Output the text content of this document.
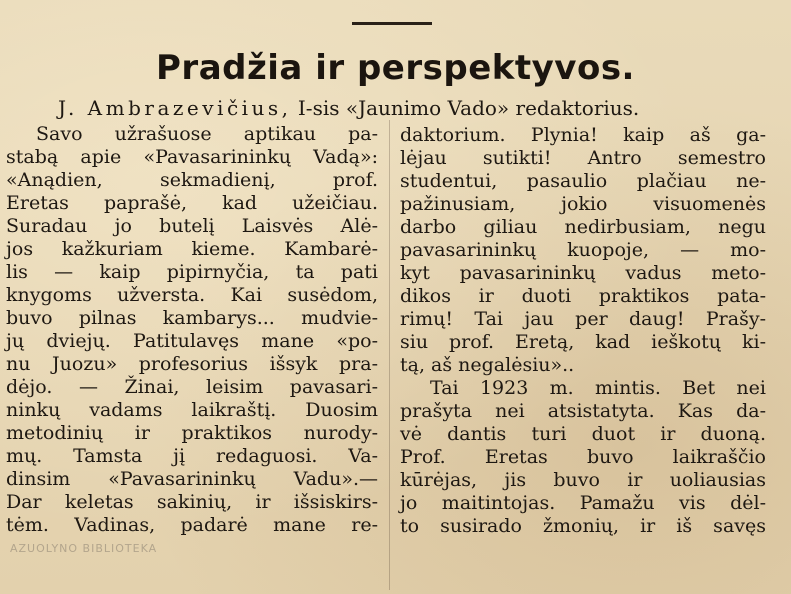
Pradžia ir perspektyvos.
J. Ambrazevičius, I-sis «Jaunimo Vado» redaktorius.
Savo užrašuose aptikau pa-
stabą apie «Pavasarininkų Vadą»:
«Anądien, sekmadienį, prof.
Eretas paprašė, kad užeičiau.
Suradau jo butelį Laisvės Alė-
jos kažkuriam kieme. Kambarė-
lis — kaip pipirnyčia, ta pati
knygoms užversta. Kai susėdom,
buvo pilnas kambarys... mudvie-
jų dviejų. Patitulavęs mane «po-
nu Juozu» profesorius išsyk pra-
dėjo. — Žinai, leisim pavasari-
ninkų vadams laikraštį. Duosim
metodinių ir praktikos nurody-
mų. Tamsta jį redaguosi. Va-
dinsim «Pavasarininkų Vadu».—
Dar keletas sakinių, ir išsiskirs-
tėm. Vadinas, padarė mane re-
daktorium. Plynia! kaip aš ga-
lėjau sutikti! Antro semestro
studentui, pasaulio plačiau ne-
pažinusiam, jokio visuomenės
darbo giliau nedirbusiam, negu
pavasarininkų kuopoje, — mo-
kyt pavasarininkų vadus meto-
dikos ir duoti praktikos pata-
rimų! Tai jau per daug! Prašy-
siu prof. Eretą, kad ieškotų ki-
tą, aš negalėsiu»..
Tai 1923 m. mintis. Bet nei
prašyta nei atsistatyta. Kas da-
vė dantis turi duot ir duoną.
Prof. Eretas buvo laikraščio
kūrėjas, jis buvo ir uoliausias
jo maitintojas. Pamažu vis dėl-
to susirado žmonių, ir iš savęs
AZUOLYNO BIBLIOTEKA
